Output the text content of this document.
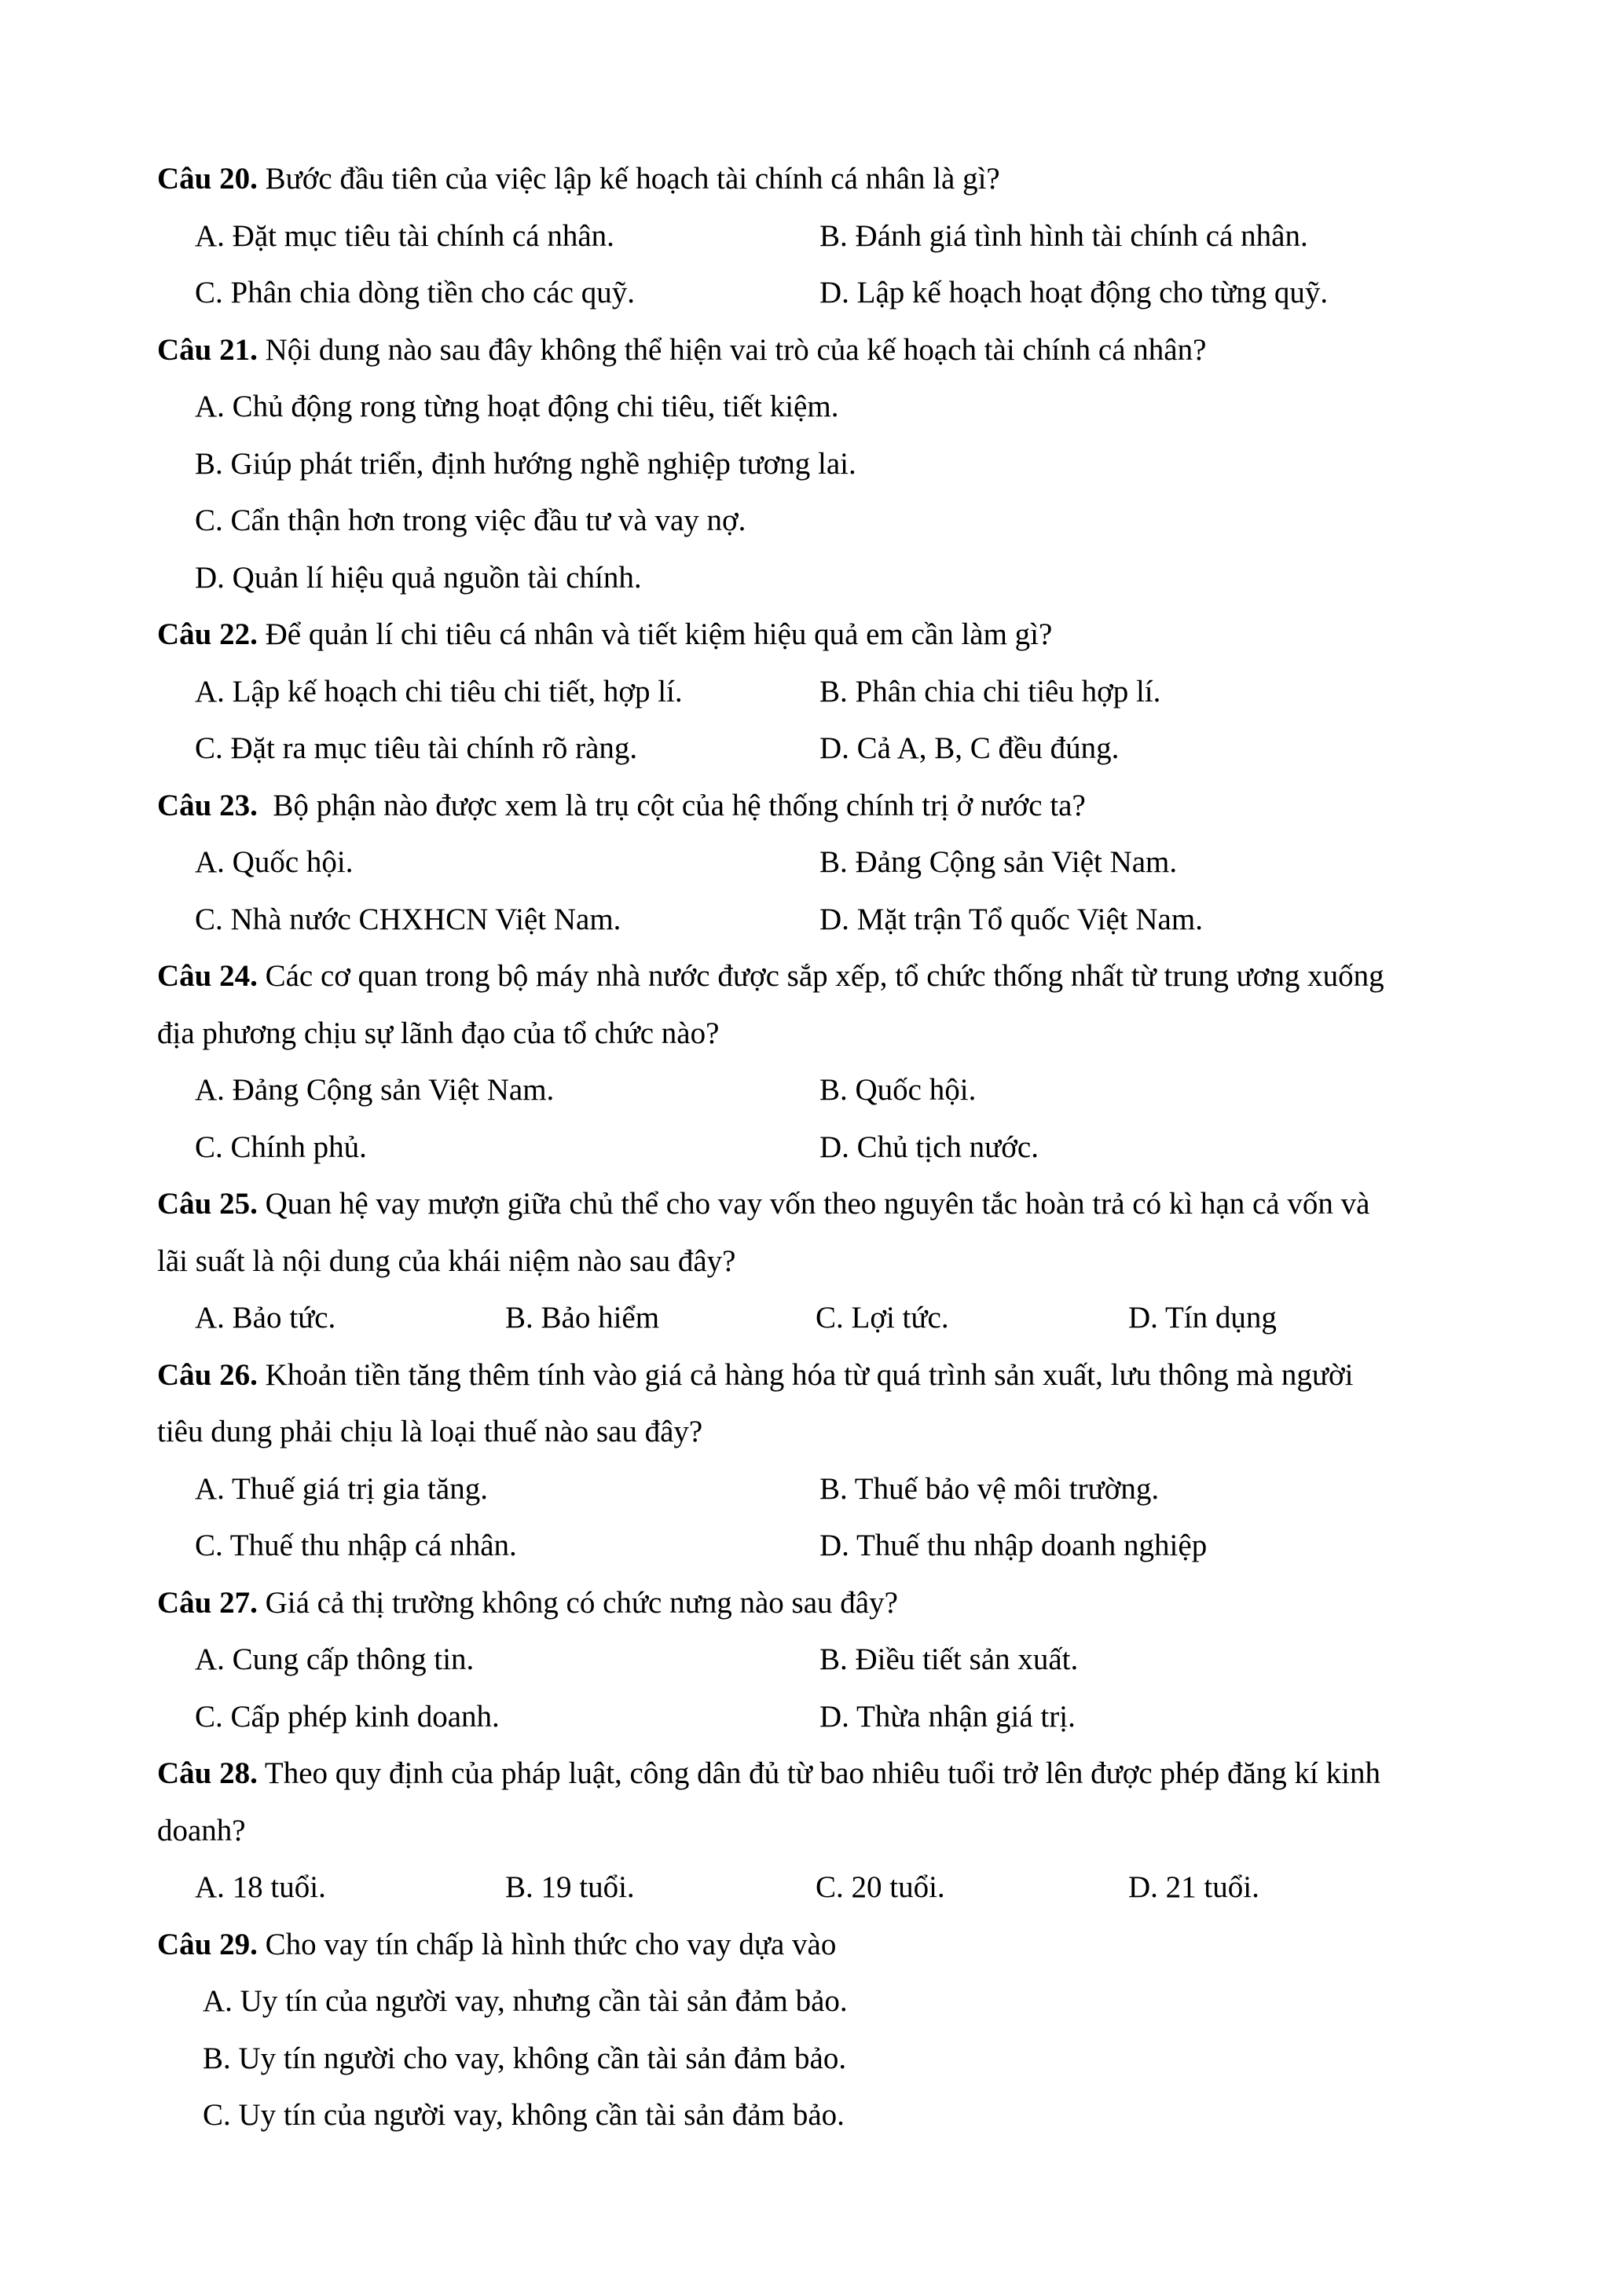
Câu 20. Bước đầu tiên của việc lập kế hoạch tài chính cá nhân là gì?
A. Đặt mục tiêu tài chính cá nhân.	B. Đánh giá tình hình tài chính cá nhân.
C. Phân chia dòng tiền cho các quỹ.	D. Lập kế hoạch hoạt động cho từng quỹ.
Câu 21. Nội dung nào sau đây không thể hiện vai trò của kế hoạch tài chính cá nhân?
A. Chủ động rong từng hoạt động chi tiêu, tiết kiệm.
B. Giúp phát triển, định hướng nghề nghiệp tương lai.
C. Cẩn thận hơn trong việc đầu tư và vay nợ.
D. Quản lí hiệu quả nguồn tài chính.
Câu 22. Để quản lí chi tiêu cá nhân và tiết kiệm hiệu quả em cần làm gì?
A. Lập kế hoạch chi tiêu chi tiết, hợp lí.	B. Phân chia chi tiêu hợp lí.
C. Đặt ra mục tiêu tài chính rõ ràng.	D. Cả A, B, C đều đúng.
Câu 23.  Bộ phận nào được xem là trụ cột của hệ thống chính trị ở nước ta?
A. Quốc hội.	B. Đảng Cộng sản Việt Nam.
C. Nhà nước CHXHCN Việt Nam.	D. Mặt trận Tổ quốc Việt Nam.
Câu 24. Các cơ quan trong bộ máy nhà nước được sắp xếp, tổ chức thống nhất từ trung ương xuống
địa phương chịu sự lãnh đạo của tổ chức nào?
A. Đảng Cộng sản Việt Nam.	B. Quốc hội.
C. Chính phủ.	D. Chủ tịch nước.
Câu 25. Quan hệ vay mượn giữa chủ thể cho vay vốn theo nguyên tắc hoàn trả có kì hạn cả vốn và
lãi suất là nội dung của khái niệm nào sau đây?
A. Bảo tức.	B. Bảo hiểm	C. Lợi tức.	D. Tín dụng
Câu 26. Khoản tiền tăng thêm tính vào giá cả hàng hóa từ quá trình sản xuất, lưu thông mà người
tiêu dung phải chịu là loại thuế nào sau đây?
A. Thuế giá trị gia tăng.	B. Thuế bảo vệ môi trường.
C. Thuế thu nhập cá nhân.	D. Thuế thu nhập doanh nghiệp
Câu 27. Giá cả thị trường không có chức nưng nào sau đây?
A. Cung cấp thông tin.	B. Điều tiết sản xuất.
C. Cấp phép kinh doanh.	D. Thừa nhận giá trị.
Câu 28. Theo quy định của pháp luật, công dân đủ từ bao nhiêu tuổi trở lên được phép đăng kí kinh
doanh?
A. 18 tuổi.	B. 19 tuổi.	C. 20 tuổi.	D. 21 tuổi.
Câu 29. Cho vay tín chấp là hình thức cho vay dựa vào
A. Uy tín của người vay, nhưng cần tài sản đảm bảo.
B. Uy tín người cho vay, không cần tài sản đảm bảo.
C. Uy tín của người vay, không cần tài sản đảm bảo.
